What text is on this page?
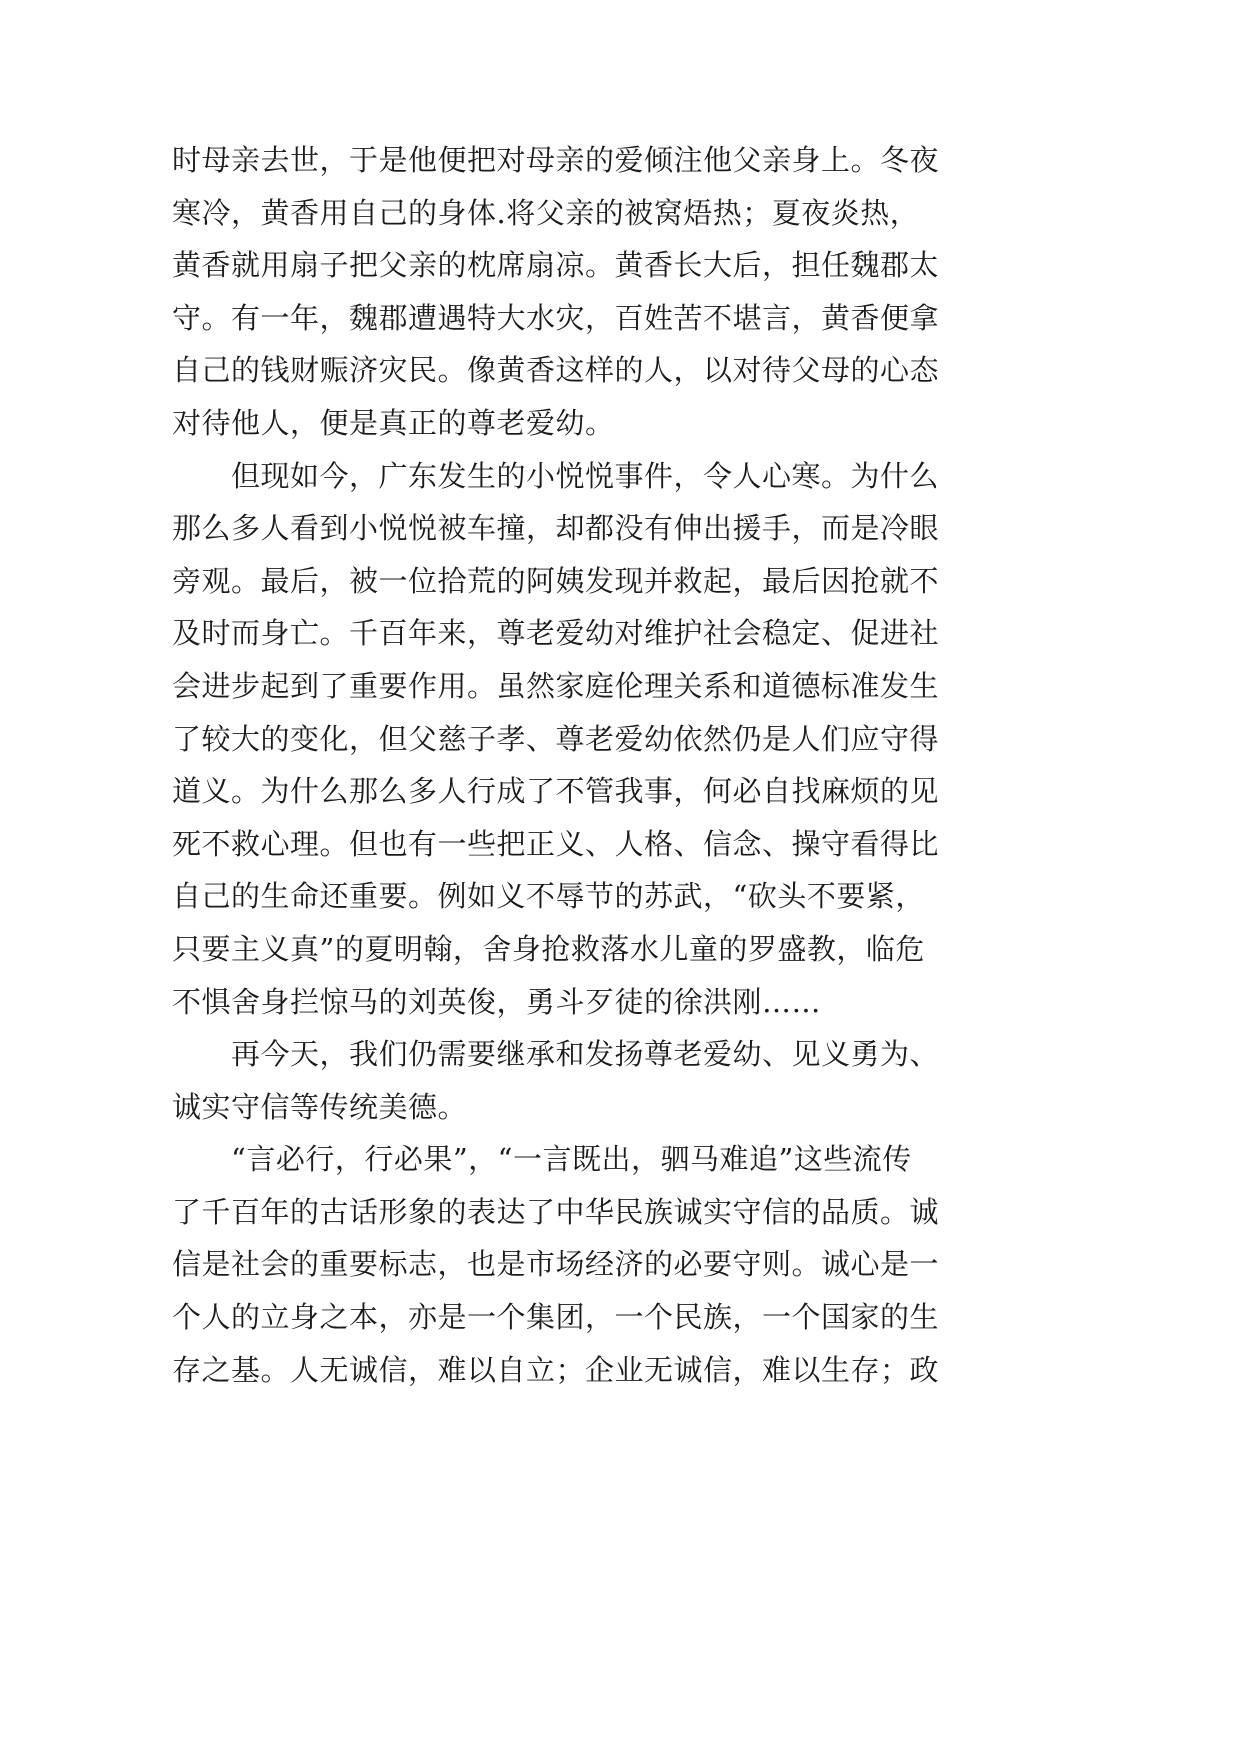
时母亲去世，于是他便把对母亲的爱倾注他父亲身上。冬夜
寒冷，黄香用自己的身体.将父亲的被窝焐热；夏夜炎热，
黄香就用扇子把父亲的枕席扇凉。黄香长大后，担任魏郡太
守。有一年，魏郡遭遇特大水灾，百姓苦不堪言，黄香便拿
自己的钱财赈济灾民。像黄香这样的人，以对待父母的心态
对待他人，便是真正的尊老爱幼。
但现如今，广东发生的小悦悦事件，令人心寒。为什么
那么多人看到小悦悦被车撞，却都没有伸出援手，而是冷眼
旁观。最后，被一位拾荒的阿姨发现并救起，最后因抢就不
及时而身亡。千百年来，尊老爱幼对维护社会稳定、促进社
会进步起到了重要作用。虽然家庭伦理关系和道德标准发生
了较大的变化，但父慈子孝、尊老爱幼依然仍是人们应守得
道义。为什么那么多人行成了不管我事，何必自找麻烦的见
死不救心理。但也有一些把正义、人格、信念、操守看得比
自己的生命还重要。例如义不辱节的苏武，“砍头不要紧，
只要主义真”的夏明翰，舍身抢救落水儿童的罗盛教，临危
不惧舍身拦惊马的刘英俊，勇斗歹徒的徐洪刚……
再今天，我们仍需要继承和发扬尊老爱幼、见义勇为、
诚实守信等传统美德。
“言必行，行必果”，“一言既出，驷马难追”这些流传
了千百年的古话形象的表达了中华民族诚实守信的品质。诚
信是社会的重要标志，也是市场经济的必要守则。诚心是一
个人的立身之本，亦是一个集团，一个民族，一个国家的生
存之基。人无诚信，难以自立；企业无诚信，难以生存；政
